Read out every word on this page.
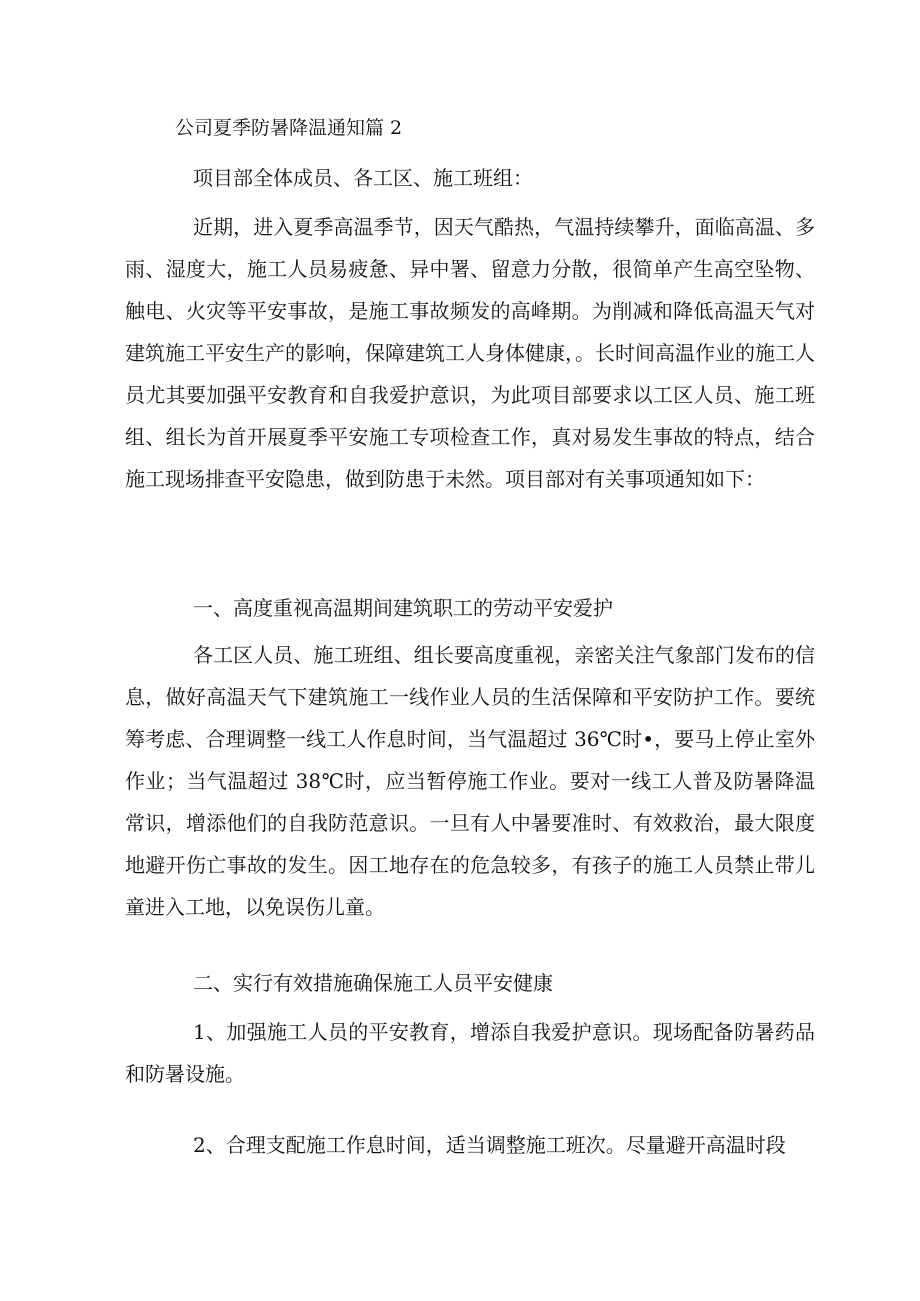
公司夏季防暑降温通知篇 2
项目部全体成员、各工区、施工班组：

近期，进入夏季高温季节，因天气酷热，气温持续攀升，面临高温、多雨、湿度大，施工人员易疲惫、异中署、留意力分散，很简单产生高空坠物、触电、火灾等平安事故，是施工事故频发的高峰期。为削减和降低高温天气对建筑施工平安生产的影响，保障建筑工人身体健康，。长时间高温作业的施工人员尤其要加强平安教育和自我爱护意识，为此项目部要求以工区人员、施工班组、组长为首开展夏季平安施工专项检查工作，真对易发生事故的特点，结合施工现场排查平安隐患，做到防患于未然。项目部对有关事项通知如下：

一、高度重视高温期间建筑职工的劳动平安爱护

各工区人员、施工班组、组长要高度重视，亲密关注气象部门发布的信息，做好高温天气下建筑施工一线作业人员的生活保障和平安防护工作。要统筹考虑、合理调整一线工人作息时间，当气温超过 36℃时•，要马上停止室外作业；当气温超过 38℃时，应当暂停施工作业。要对一线工人普及防暑降温常识，增添他们的自我防范意识。一旦有人中暑要准时、有效救治，最大限度地避开伤亡事故的发生。因工地存在的危急较多，有孩子的施工人员禁止带儿童进入工地，以免误伤儿童。

二、实行有效措施确保施工人员平安健康

1、加强施工人员的平安教育，增添自我爱护意识。现场配备防暑药品和防暑设施。

2、合理支配施工作息时间，适当调整施工班次。尽量避开高温时段
